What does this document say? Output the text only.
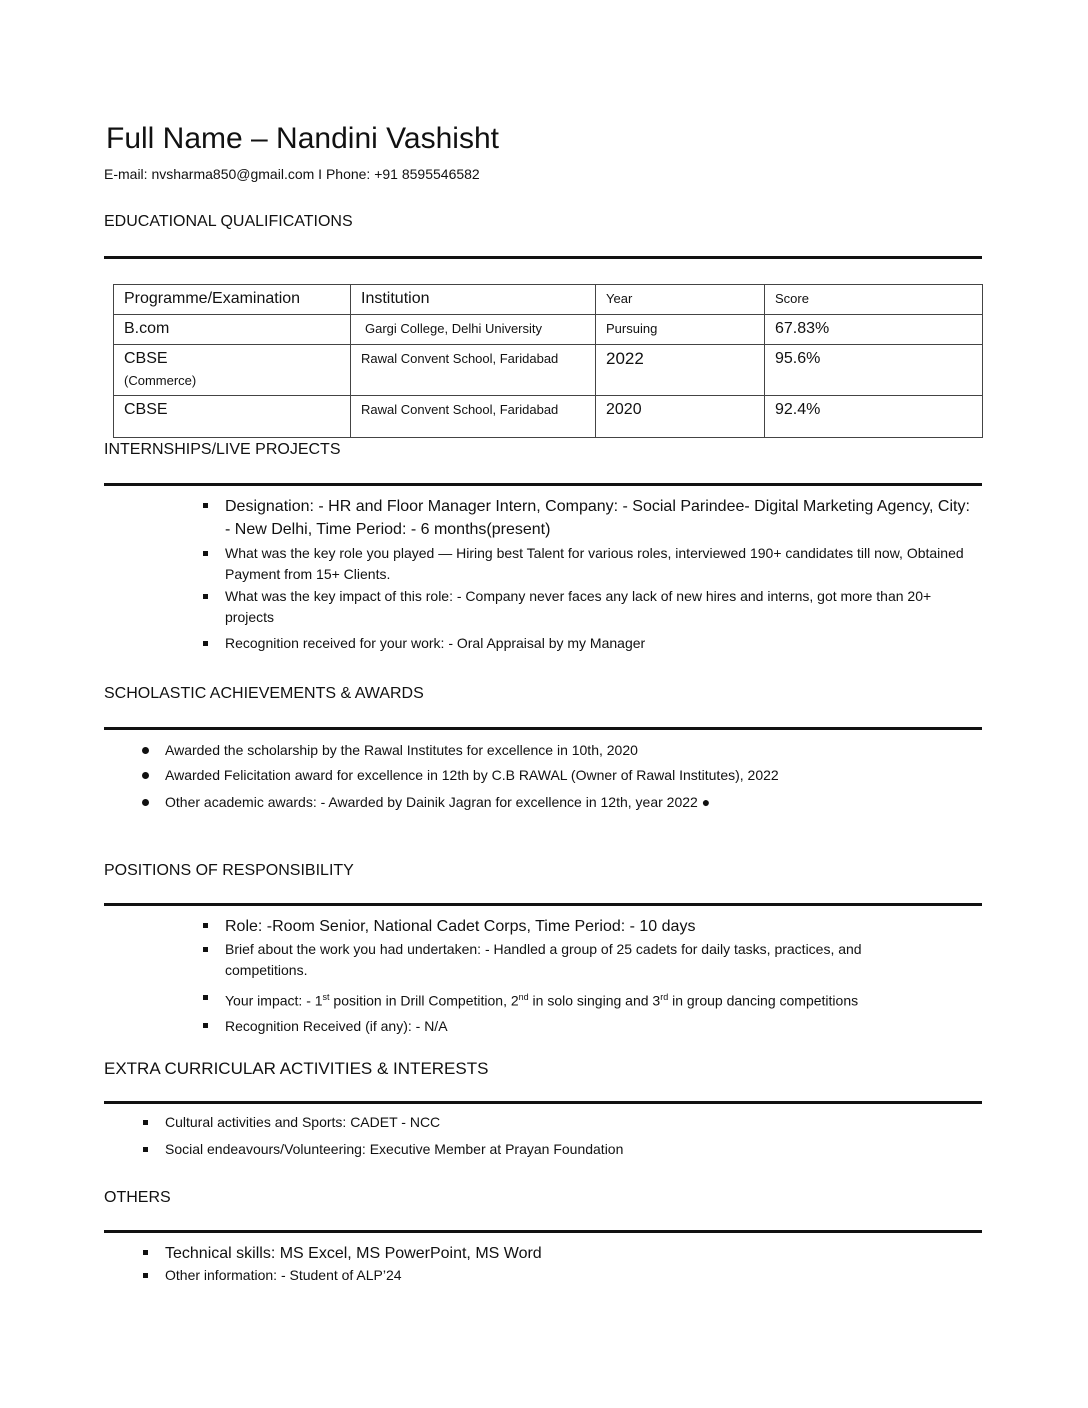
Full Name – Nandini Vashisht
E-mail: nvsharma850@gmail.com I Phone: +91 8595546582
EDUCATIONAL QUALIFICATIONS
Programme/Examination	Institution	Year	Score
B.com	Gargi College, Delhi University	Pursuing	67.83%
CBSE
(Commerce)	Rawal Convent School, Faridabad	2022	95.6%
CBSE	Rawal Convent School, Faridabad	2020	92.4%
INTERNSHIPS/LIVE PROJECTS
Designation: - HR and Floor Manager Intern, Company: - Social Parindee- Digital Marketing Agency, City: - New Delhi, Time Period: - 6 months(present)
What was the key role you played — Hiring best Talent for various roles, interviewed 190+ candidates till now, Obtained Payment from 15+ Clients.
What was the key impact of this role: - Company never faces any lack of new hires and interns, got more than 20+ projects
Recognition received for your work: - Oral Appraisal by my Manager
SCHOLASTIC ACHIEVEMENTS & AWARDS
Awarded the scholarship by the Rawal Institutes for excellence in 10th, 2020
Awarded Felicitation award for excellence in 12th by C.B RAWAL (Owner of Rawal Institutes), 2022
Other academic awards: - Awarded by Dainik Jagran for excellence in 12th, year 2022 ●
POSITIONS OF RESPONSIBILITY
Role: -Room Senior, National Cadet Corps, Time Period: - 10 days
Brief about the work you had undertaken: - Handled a group of 25 cadets for daily tasks, practices, and competitions.
Your impact: - 1st position in Drill Competition, 2nd in solo singing and 3rd in group dancing competitions
Recognition Received (if any): - N/A
EXTRA CURRICULAR ACTIVITIES & INTERESTS
Cultural activities and Sports: CADET - NCC
Social endeavours/Volunteering: Executive Member at Prayan Foundation
OTHERS
Technical skills: MS Excel, MS PowerPoint, MS Word
Other information: - Student of ALP’24
